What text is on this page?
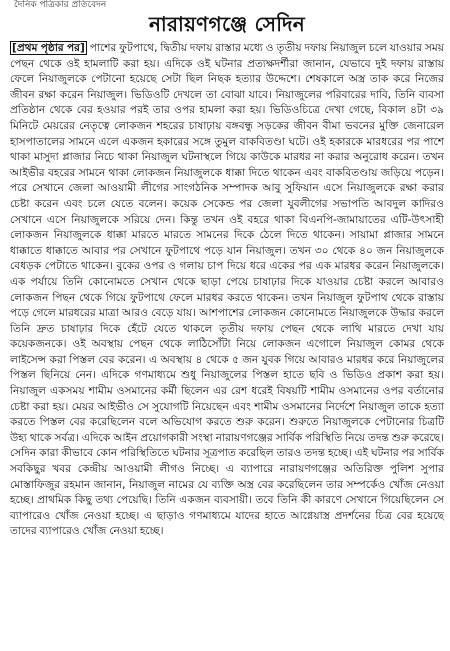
দৈনিক পত্রিকার প্রতিবেদন
নারায়ণগঞ্জে সেদিন
[প্রথম পৃষ্ঠার পর] পাশের ফুটপাথে, দ্বিতীয় দফায় রাস্তার মধ্যে ও তৃতীয় দফায় নিয়াজুল চলে যাওয়ার সময় পেছন থেকে ওই হামলাটি করা হয়। এদিকে ওই ঘটনার প্রত্যক্ষদর্শীরা জানান, যেভাবে দুই দফায় রাস্তায় ফেলে নিয়াজুলকে পেটানো হয়েছে সেটা ছিল নিছক হত্যার উদ্দেশে। শেষকালে অস্ত্র তাক করে নিজের জীবন রক্ষা করেন নিয়াজুল। ভিডিওটি দেখলে তা বোঝা যাবে। নিয়াজুলের পরিবারের দাবি, তিনি ব্যবসা প্রতিষ্ঠান থেকে বের হওয়ার পরই তার ওপর হামলা করা হয়। ভিডিওচিত্রে দেখা গেছে, বিকাল ৪টা ৩৯ মিনিটে মেয়রের নেতৃত্বে লোকজন শহরের চাষাঢ়ায় বঙ্গবন্ধু সড়কের জীবন বীমা ভবনের মুক্তি জেনারেল হাসপাতালের সামনে এলে একজন হকারের সঙ্গে তুমুল বাকবিতণ্ডা ঘটে। ওই হকারকে মারধরের পর পাশে থাকা মাসুদা প্লাজার নিচে থাকা নিয়াজুল ঘটনাস্থলে গিয়ে কাউকে মারধর না করার অনুরোধ করেন। তখন আইভীর বহরের সামনে থাকা লোকজন নিয়াজুলকে ধাক্কা দিতে থাকেন এবং বাকবিতণ্ডায় জড়িয়ে পড়েন। পরে সেখানে জেলা আওয়ামী লীগের সাংগঠনিক সম্পাদক আবু সুফিয়ান এসে নিয়াজুলকে রক্ষা করার চেষ্টা করেন এবং চলে যেতে বলেন। কয়েক সেকেন্ড পর জেলা যুবলীগের সভাপতি আবদুল কাদিরও সেখানে এসে নিয়াজুলকে সরিয়ে দেন। কিন্তু তখন ওই বহরে থাকা বিএনপি-জামায়াতের এটি-উৎসাহী লোকজন নিয়াজুলকে ধাক্কা মারতে মারতে সামনের দিকে ঠেলে দিতে থাকেন। সায়ামা প্লাজার সামনে ধাক্কাতে ধাক্কাতে আবার পর সেখানে ফুটপাথে পড়ে যান নিয়াজুল। তখন ৩০ থেকে ৪০ জন নিয়াজুলকে বেধড়ক পেটাতে থাকেন। বুকের ওপর ও গলায় চাপ দিয়ে ধরে একের পর এক মারধর করেন নিয়াজুলকে। এক পর্যায়ে তিনি কোনোমতে সেখান থেকে ছাড়া পেয়ে চাষাঢ়ার দিকে যাওয়ার চেষ্টা করলে আবারও লোকজন পিছন থেকে গিয়ে ফুটপাথে ফেলে মারধর করতে থাকেন। তখন নিয়াজুল ফুটপাথ থেকে রাস্তায় পড়ে গেলে মারধরের মাত্রা আরও বেড়ে যায়। আশপাশের লোকজন কোনোমতে নিয়াজুলকে উদ্ধার করলে তিনি দ্রুত চাষাঢ়ার দিকে হেঁটে যেতে থাকলে তৃতীয় দফায় পেছন থেকে লাথি মারতে দেখা যায় কয়েকজনকে। ওই অবস্থায় পেছন থেকে লাঠিসোঁটা নিয়ে লোকজন এগোলে নিয়াজুল কোমর থেকে লাইসেন্স করা পিস্তল বের করেন। এ অবস্থায় ৪ থেকে ৫ জন যুবক গিয়ে আবারও মারধর করে নিয়াজুলের পিস্তল ছিনিয়ে নেন। এদিকে গণমাধ্যমে শুধু নিয়াজুলের পিস্তল হাতে ছবি ও ভিডিও প্রকাশ করা হয়। নিয়াজুল একসময় শামীম ওসমানের কর্মী ছিলেন এর রেশ ধরেই বিষয়টি শামীম ওসমানের ওপর বর্তানোর চেষ্টা করা হয়। মেয়র আইভীও সে সুযোগটি নিয়েছেন এবং শামীম ওসমানের নির্দেশে নিয়াজুল তাকে হত্যা করতে পিস্তল বের করেছিলেন বলে অভিযোগ করতে শুরু করেন। শুরুতে নিয়াজুলকে পেটানোর চিত্রটি উহ্য থাকে সর্বত্র। এদিকে আইন প্রয়োগকারী সংস্থা নারায়ণগঞ্জের সার্বিক পরিস্থিতি নিয়ে তদন্ত শুরু করেছে। সেদিন কারা কীভাবে কোন পরিস্থিতিতে ঘটনার সূত্রপাত করেছিল তারও তদন্ত হচ্ছে। এই ঘটনার পর সার্বিক সবকিছুর খবর কেন্দ্রীয় আওয়ামী লীগও নিচ্ছে। এ ব্যাপারে নারায়ণগঞ্জের অতিরিক্ত পুলিশ সুপার মোস্তাফিজুর রহমান জানান, নিয়াজুল নামের যে ব্যক্তি অস্ত্র বের করেছিলেন তার সম্পর্কেও খোঁজ নেওয়া হচ্ছে। প্রাথমিক কিছু তথ্য পেয়েছি। তিনি একজন ব্যবসায়ী। তবে তিনি কী কারণে সেখানে গিয়েছিলেন সে ব্যাপারেও খোঁজ নেওয়া হচ্ছে। এ ছাড়াও গণমাধ্যমে যাদের হাতে আগ্নেয়াস্ত্র প্রদর্শনের চিত্র বের হয়েছে তাদের ব্যাপারেও খোঁজ নেওয়া হচ্ছে।
